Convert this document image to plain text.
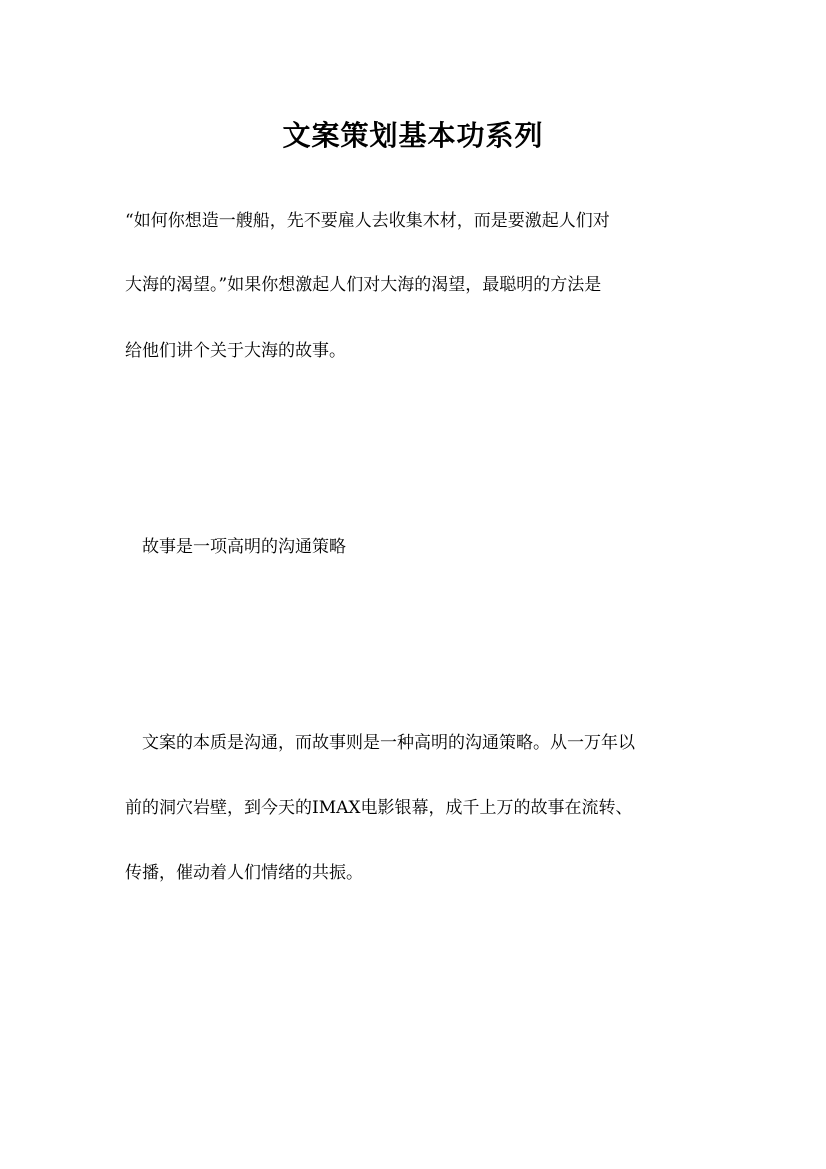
文案策划基本功系列

“如何你想造一艘船，先不要雇人去收集木材，而是要激起人们对

大海的渴望。”如果你想激起人们对大海的渴望，最聪明的方法是

给他们讲个关于大海的故事。

　故事是一项高明的沟通策略

　文案的本质是沟通，而故事则是一种高明的沟通策略。从一万年以

前的洞穴岩壁，到今天的IMAX电影银幕，成千上万的故事在流转、

传播，催动着人们情绪的共振。
